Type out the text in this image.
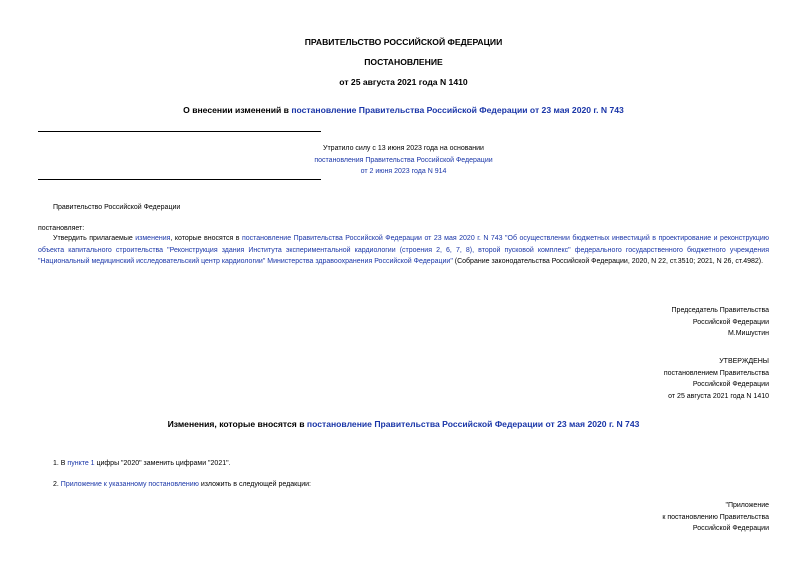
ПРАВИТЕЛЬСТВО РОССИЙСКОЙ ФЕДЕРАЦИИ
ПОСТАНОВЛЕНИЕ
от 25 августа 2021 года N 1410
О внесении изменений в постановление Правительства Российской Федерации от 23 мая 2020 г. N 743
Утратило силу с 13 июня 2023 года на основании
постановления Правительства Российской Федерации
от 2 июня 2023 года N 914
Правительство Российской Федерации
постановляет:
Утвердить прилагаемые изменения, которые вносятся в постановление Правительства Российской Федерации от 23 мая 2020 г. N 743 "Об осуществлении бюджетных инвестиций в проектирование и реконструкцию объекта капитального строительства "Реконструкция здания Института экспериментальной кардиологии (строения 2, 6, 7, 8), второй пусковой комплекс" федерального государственного бюджетного учреждения "Национальный медицинский исследовательский центр кардиологии" Министерства здравоохранения Российской Федерации" (Собрание законодательства Российской Федерации, 2020, N 22, ст.3510; 2021, N 26, ст.4982).
Председатель Правительства
Российской Федерации
М.Мишустин
УТВЕРЖДЕНЫ
постановлением Правительства
Российской Федерации
от 25 августа 2021 года N 1410
Изменения, которые вносятся в постановление Правительства Российской Федерации от 23 мая 2020 г. N 743
1. В пункте 1 цифры "2020" заменить цифрами "2021".
2. Приложение к указанному постановлению изложить в следующей редакции:
"Приложение
к постановлению Правительства
Российской Федерации
